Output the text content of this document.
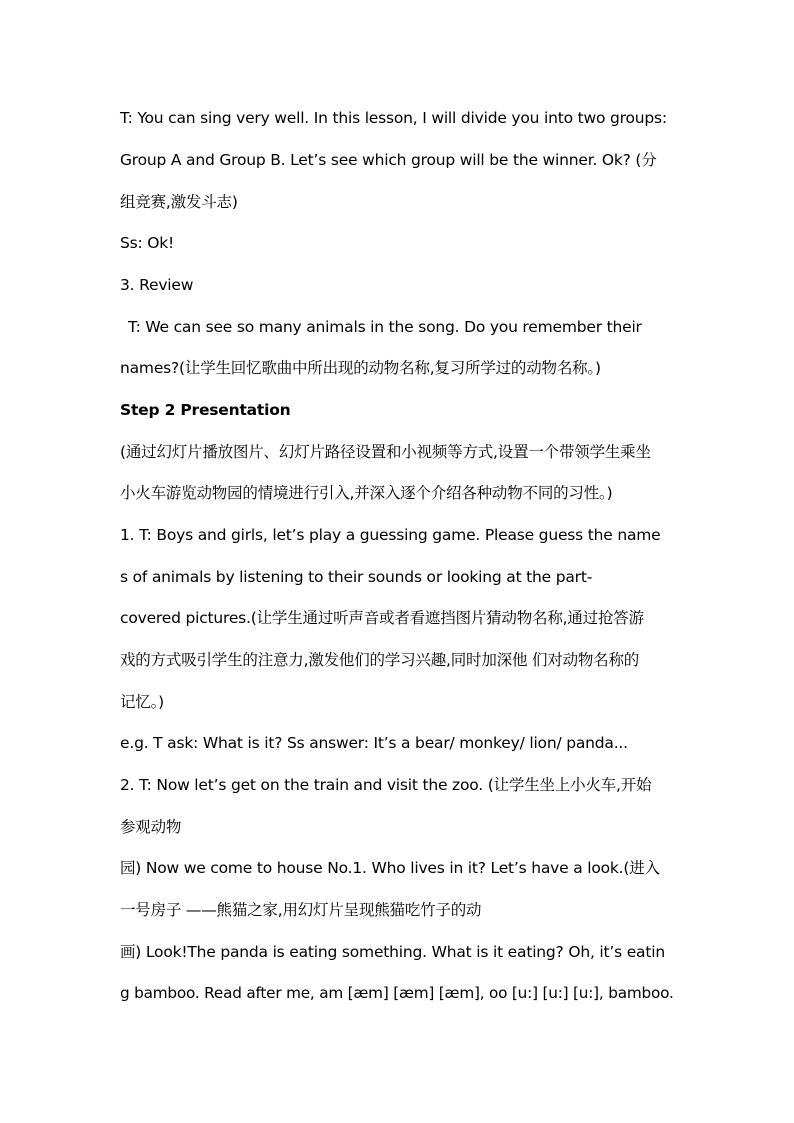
T: You can sing very well. In this lesson, I will divide you into two groups:
Group A and Group B. Let’s see which group will be the winner. Ok? (分
组竞赛,激发斗志)
Ss: Ok!
3. Review
T: We can see so many animals in the song. Do you remember their
names?(让学生回忆歌曲中所出现的动物名称,复习所学过的动物名称。)
Step 2 Presentation
(通过幻灯片播放图片、幻灯片路径设置和小视频等方式,设置一个带领学生乘坐
小火车游览动物园的情境进行引入,并深入逐个介绍各种动物不同的习性。)
1. T: Boys and girls, let’s play a guessing game. Please guess the name
s of animals by listening to their sounds or looking at the part-
covered pictures.(让学生通过听声音或者看遮挡图片猜动物名称,通过抢答游
戏的方式吸引学生的注意力,激发他们的学习兴趣,同时加深他 们对动物名称的
记忆。)
e.g. T ask: What is it? Ss answer: It’s a bear/ monkey/ lion/ panda...
2. T: Now let’s get on the train and visit the zoo. (让学生坐上小火车,开始
参观动物
园) Now we come to house No.1. Who lives in it? Let’s have a look.(进入
一号房子 ——熊猫之家,用幻灯片呈现熊猫吃竹子的动
画) Look!The panda is eating something. What is it eating? Oh, it’s eatin
g bamboo. Read after me, am [æm] [æm] [æm], oo [u:] [u:] [u:], bamboo.
